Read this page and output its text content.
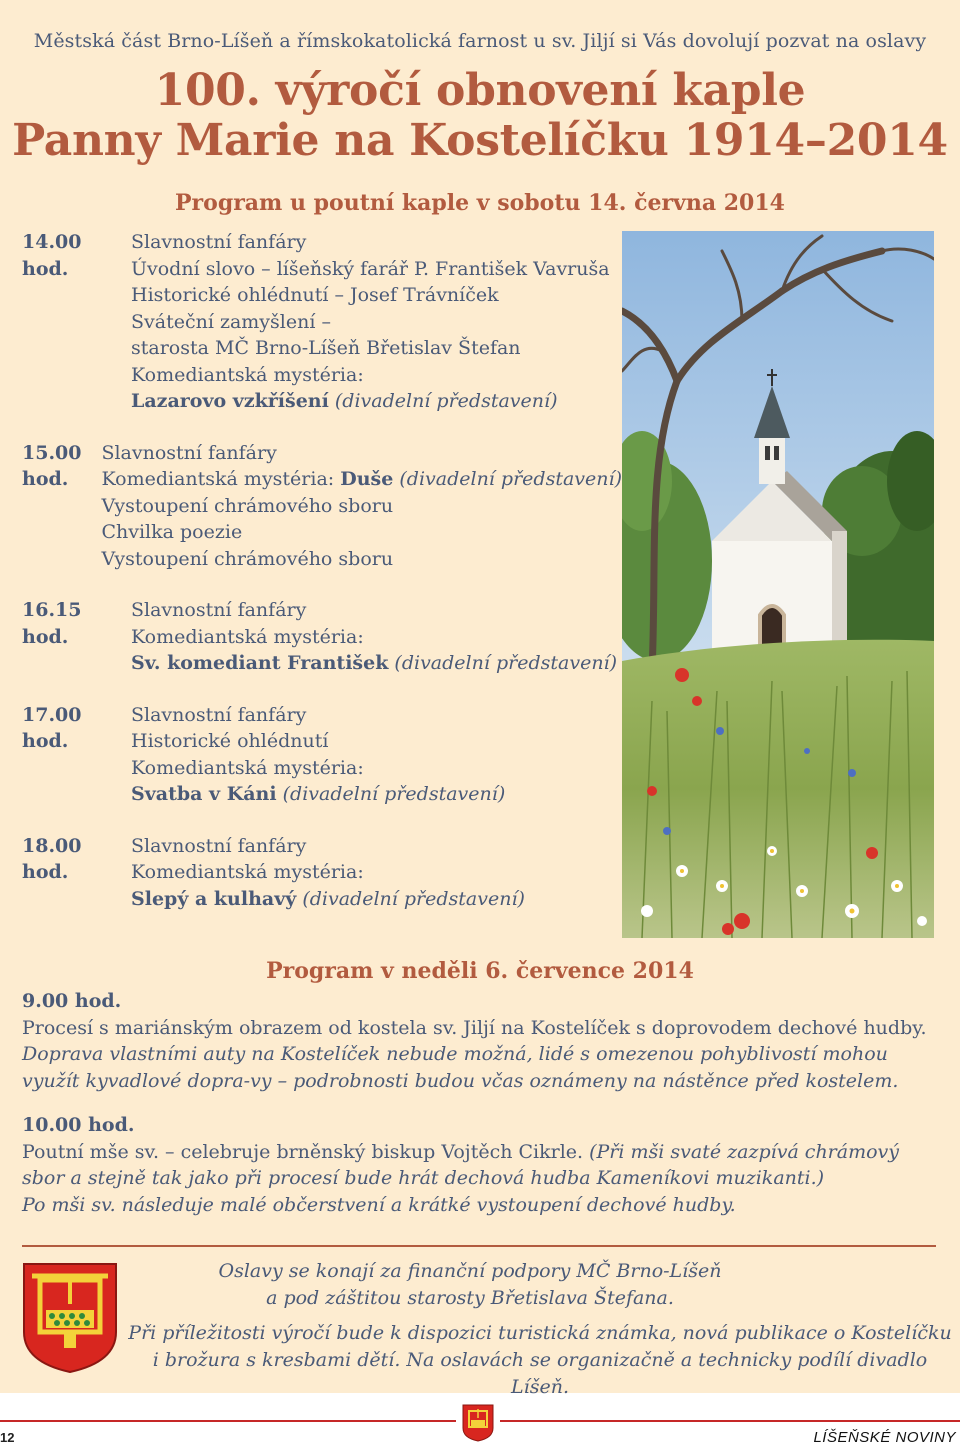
Městská část Brno-Líšeň a římskokatolická farnost u sv. Jiljí si Vás dovolují pozvat na oslavy
100. výročí obnovení kaple
Panny Marie na Kostelíčku 1914–2014
Program u poutní kaple v sobotu 14. června 2014
14.00 hod.
Slavnostní fanfáry
Úvodní slovo – líšeňský farář P. František Vavruša
Historické ohlédnutí – Josef Trávníček
Sváteční zamyšlení –
starosta MČ Brno-Líšeň Břetislav Štefan
Komediantská mystéria:
Lazarovo vzkříšení (divadelní představení)
15.00 hod.
Slavnostní fanfáry
Komediantská mystéria: Duše (divadelní představení)
Vystoupení chrámového sboru
Chvilka poezie
Vystoupení chrámového sboru
16.15 hod.
Slavnostní fanfáry
Komediantská mystéria:
Sv. komediant František (divadelní představení)
17.00 hod.
Slavnostní fanfáry
Historické ohlédnutí
Komediantská mystéria:
Svatba v Káni (divadelní představení)
18.00 hod.
Slavnostní fanfáry
Komediantská mystéria:
Slepý a kulhavý (divadelní představení)
Program v neděli 6. července 2014
9.00 hod.
Procesí s mariánským obrazem od kostela sv. Jiljí na Kostelíček s doprovodem dechové hudby. Doprava vlastními auty na Kostelíček nebude možná, lidé s omezenou pohyblivostí mohou využít kyvadlové dopra-vy – podrobnosti budou včas oznámeny na nástěnce před kostelem.
10.00 hod.
Poutní mše sv. – celebruje brněnský biskup Vojtěch Cikrle. (Při mši svaté zazpívá chrámový sbor a stejně tak jako při procesí bude hrát dechová hudba Kameníkovi muzikanti.)
Po mši sv. následuje malé občerstvení a krátké vystoupení dechové hudby.
Oslavy se konají za finanční podpory MČ Brno-Líšeň
a pod záštitou starosty Břetislava Štefana.
Při příležitosti výročí bude k dispozici turistická známka, nová publikace o Kostelíčku
i brožura s kresbami dětí. Na oslavách se organizačně a technicky podílí divadlo Líšeň.
12	LÍŠEŇSKÉ NOVINY
